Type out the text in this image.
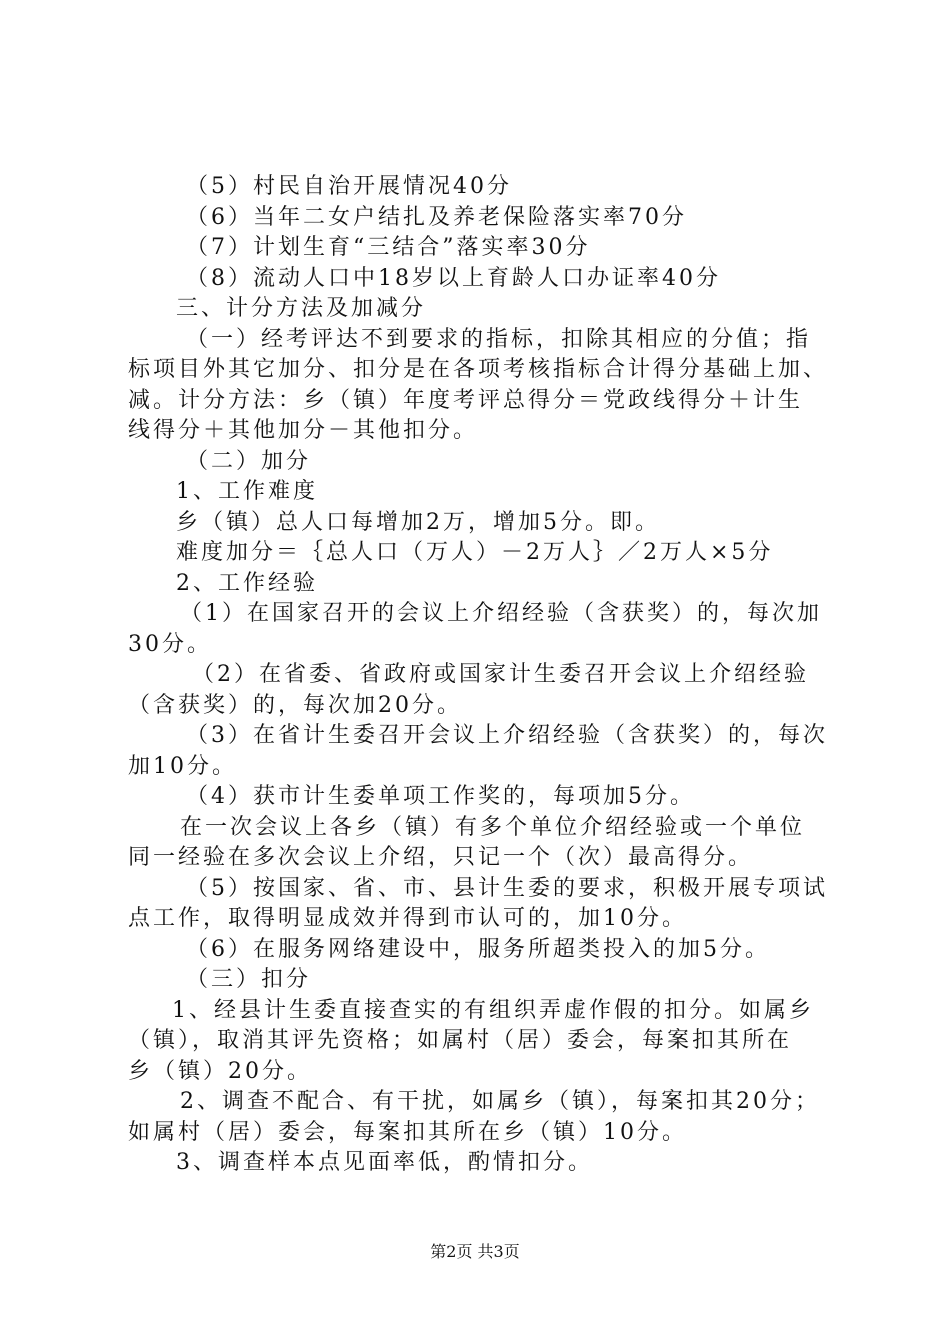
（5）村民自治开展情况40分
（6）当年二女户结扎及养老保险落实率70分
（7）计划生育“三结合”落实率30分
（8）流动人口中18岁以上育龄人口办证率40分
三、计分方法及加减分
（一）经考评达不到要求的指标，扣除其相应的分值；指
标项目外其它加分、扣分是在各项考核指标合计得分基础上加、
减。计分方法：乡（镇）年度考评总得分＝党政线得分＋计生
线得分＋其他加分－其他扣分。
（二）加分
1、工作难度
乡（镇）总人口每增加2万，增加5分。即。
难度加分＝｛总人口（万人）－2万人｝／2万人×5分
2、工作经验
（1）在国家召开的会议上介绍经验（含获奖）的，每次加
30分。
（2）在省委、省政府或国家计生委召开会议上介绍经验
（含获奖）的，每次加20分。
（3）在省计生委召开会议上介绍经验（含获奖）的，每次
加10分。
（4）获市计生委单项工作奖的，每项加5分。
在一次会议上各乡（镇）有多个单位介绍经验或一个单位
同一经验在多次会议上介绍，只记一个（次）最高得分。
（5）按国家、省、市、县计生委的要求，积极开展专项试
点工作，取得明显成效并得到市认可的，加10分。
（6）在服务网络建设中，服务所超类投入的加5分。
（三）扣分
1、经县计生委直接查实的有组织弄虚作假的扣分。如属乡
（镇），取消其评先资格；如属村（居）委会，每案扣其所在
乡（镇）20分。
2、调查不配合、有干扰，如属乡（镇），每案扣其20分；
如属村（居）委会，每案扣其所在乡（镇）10分。
3、调查样本点见面率低，酌情扣分。
第2页 共3页
